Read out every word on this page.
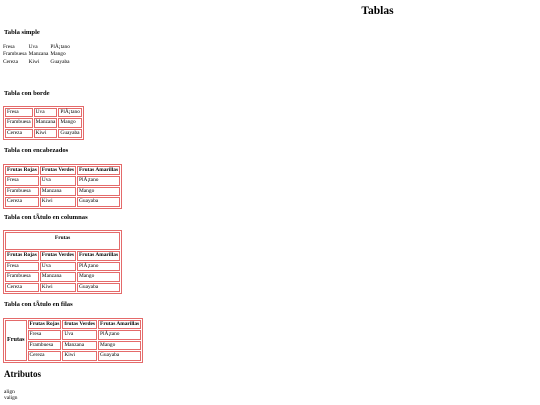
Tablas
Tabla simple
Fresa	Uva	PlÃ¡tano
Frambuesa	Manzana	Mango
Cereza	Kiwi	Guayaba
Tabla con borde
Fresa	Uva	PlÃ¡tano
Frambuesa	Manzana	Mango
Cereza	Kiwi	Guayaba
Tabla con encabezados
Frutas Rojas	Frutas Verdes	Frutas Amarillas
Fresa	Uva	PlÃ¡tano
Frambuesa	Manzana	Mango
Cereza	Kiwi	Guayaba
Tabla con tÃtulo en columnas
Frutas		
Frutas Rojas	Frutas Verdes	Frutas Amarillas
Fresa	Uva	PlÃ¡tano
Frambuesa	Manzana	Mango
Cereza	Kiwi	Guayaba
Tabla con tÃtulo en filas
Frutas	Frutas Rojas	frutas Verdes	Frutas Amarillas
	Fresa	Uva	PlÃ¡tano
	Frambuesa	Manzana	Mango
	Cereza	Kiwi	Guayaba
Atributos
align
valign
